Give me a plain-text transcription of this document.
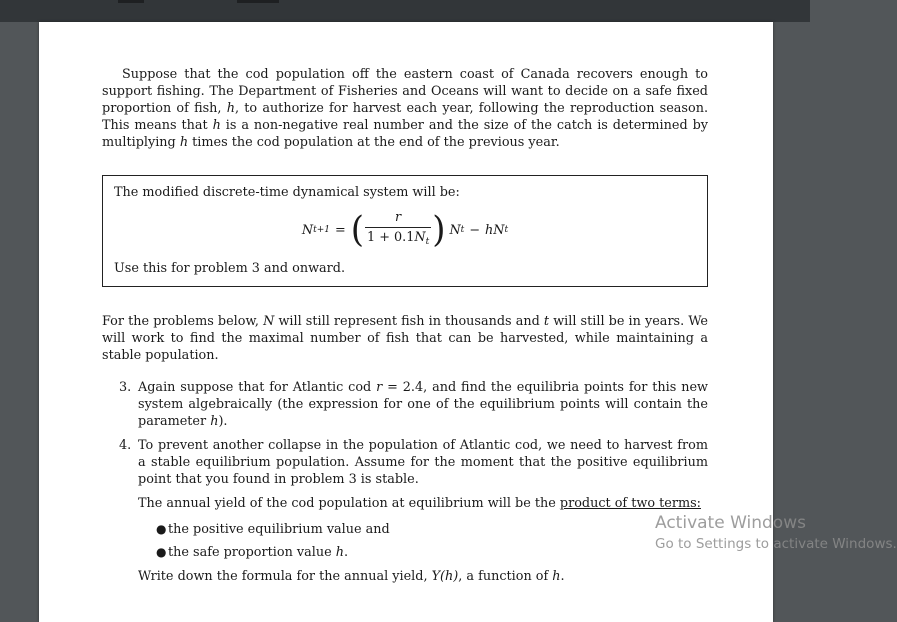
Suppose that the cod population off the eastern coast of Canada recovers enough to support fishing. The Department of Fisheries and Oceans will want to decide on a safe fixed proportion of fish, h, to authorize for harvest each year, following the reproduction season. This means that h is a non-negative real number and the size of the catch is determined by multiplying h times the cod population at the end of the previous year.

The modified discrete-time dynamical system will be:

N t+1 = ( $\frac{r}{1 + 0.1N_t}$ ) N t − hN t

Use this for problem 3 and onward.

For the problems below, N will still represent fish in thousands and t will still be in years. We will work to find the maximal number of fish that can be harvested, while maintaining a stable population.

3. Again suppose that for Atlantic cod r = 2.4, and find the equilibria points for this new system algebraically (the expression for one of the equilibrium points will contain the parameter h).
4. To prevent another collapse in the population of Atlantic cod, we need to harvest from a stable equilibrium population. Assume for the moment that the positive equilibrium point that you found in problem 3 is stable.
The annual yield of the cod population at equilibrium will be the product of two terms:
● the positive equilibrium value and
● the safe proportion value h.
Write down the formula for the annual yield, Y(h), a function of h.
Activate Windows
Go to Settings to activate Windows.
